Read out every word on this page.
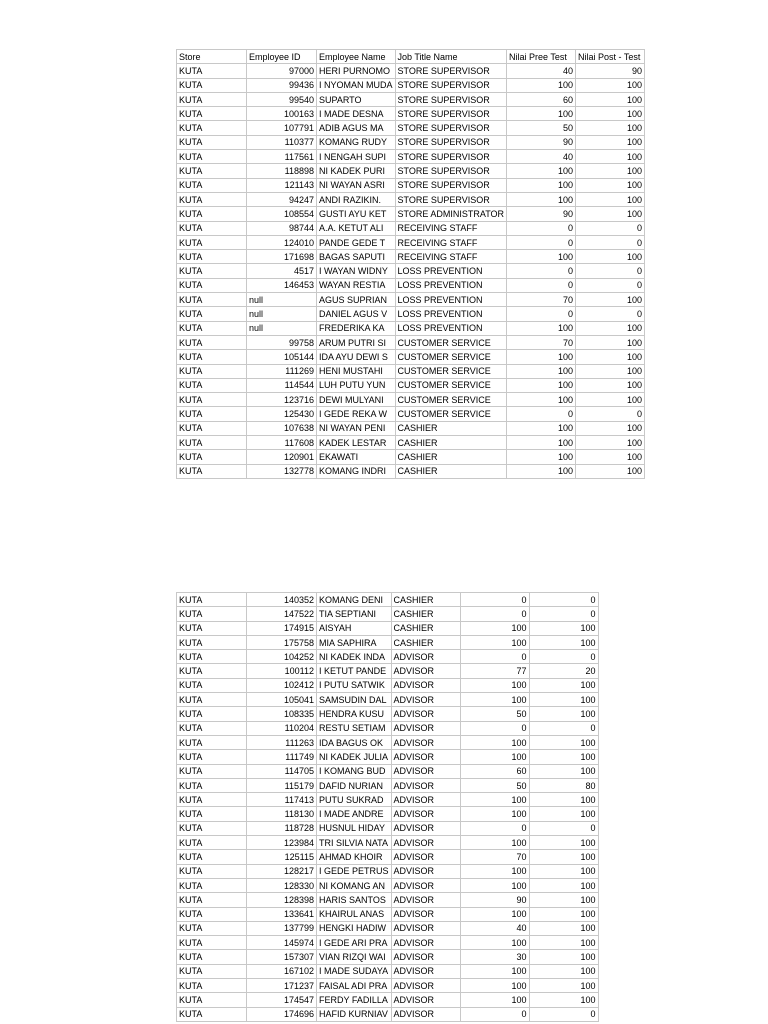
Store	Employee ID	Employee Name	Job Title Name	Nilai Pree Test	Nilai Post - Test
KUTA	97000	HERI PURNOMO	STORE SUPERVISOR	40	90
KUTA	99436	I NYOMAN MUDA	STORE SUPERVISOR	100	100
KUTA	99540	SUPARTO	STORE SUPERVISOR	60	100
KUTA	100163	I MADE DESNA	STORE SUPERVISOR	100	100
KUTA	107791	ADIB AGUS MA	STORE SUPERVISOR	50	100
KUTA	110377	KOMANG RUDY	STORE SUPERVISOR	90	100
KUTA	117561	I NENGAH SUPI	STORE SUPERVISOR	40	100
KUTA	118898	NI KADEK PURI	STORE SUPERVISOR	100	100
KUTA	121143	NI WAYAN ASRI	STORE SUPERVISOR	100	100
KUTA	94247	ANDI RAZIKIN.	STORE SUPERVISOR	100	100
KUTA	108554	GUSTI AYU KET	STORE ADMINISTRATOR	90	100
KUTA	98744	A.A. KETUT ALI	RECEIVING STAFF	0	0
KUTA	124010	PANDE GEDE T	RECEIVING STAFF	0	0
KUTA	171698	BAGAS SAPUTI	RECEIVING STAFF	100	100
KUTA	4517	I WAYAN WIDNY	LOSS PREVENTION	0	0
KUTA	146453	WAYAN RESTIA	LOSS PREVENTION	0	0
KUTA	null	AGUS SUPRIAN	LOSS PREVENTION	70	100
KUTA	null	DANIEL AGUS V	LOSS PREVENTION	0	0
KUTA	null	FREDERIKA KA	LOSS PREVENTION	100	100
KUTA	99758	ARUM PUTRI SI	CUSTOMER SERVICE	70	100
KUTA	105144	IDA AYU DEWI S	CUSTOMER SERVICE	100	100
KUTA	111269	HENI MUSTAHI	CUSTOMER SERVICE	100	100
KUTA	114544	LUH PUTU YUN	CUSTOMER SERVICE	100	100
KUTA	123716	DEWI MULYANI	CUSTOMER SERVICE	100	100
KUTA	125430	I GEDE REKA W	CUSTOMER SERVICE	0	0
KUTA	107638	NI WAYAN PENI	CASHIER	100	100
KUTA	117608	KADEK LESTAR	CASHIER	100	100
KUTA	120901	EKAWATI	CASHIER	100	100
KUTA	132778	KOMANG INDRI	CASHIER	100	100
KUTA	140352	KOMANG DENI	CASHIER	0	0
KUTA	147522	TIA SEPTIANI	CASHIER	0	0
KUTA	174915	AISYAH	CASHIER	100	100
KUTA	175758	MIA SAPHIRA	CASHIER	100	100
KUTA	104252	NI KADEK INDA	ADVISOR	0	0
KUTA	100112	I KETUT PANDE	ADVISOR	77	20
KUTA	102412	I PUTU SATWIK	ADVISOR	100	100
KUTA	105041	SAMSUDIN DAL	ADVISOR	100	100
KUTA	108335	HENDRA KUSU	ADVISOR	50	100
KUTA	110204	RESTU SETIAM	ADVISOR	0	0
KUTA	111263	IDA BAGUS OK	ADVISOR	100	100
KUTA	111749	NI KADEK JULIA	ADVISOR	100	100
KUTA	114705	I KOMANG BUD	ADVISOR	60	100
KUTA	115179	DAFID NURIAN	ADVISOR	50	80
KUTA	117413	PUTU SUKRAD	ADVISOR	100	100
KUTA	118130	I MADE ANDRE	ADVISOR	100	100
KUTA	118728	HUSNUL HIDAY	ADVISOR	0	0
KUTA	123984	TRI SILVIA NATA	ADVISOR	100	100
KUTA	125115	AHMAD KHOIR	ADVISOR	70	100
KUTA	128217	I GEDE PETRUS	ADVISOR	100	100
KUTA	128330	NI KOMANG AN	ADVISOR	100	100
KUTA	128398	HARIS SANTOS	ADVISOR	90	100
KUTA	133641	KHAIRUL ANAS	ADVISOR	100	100
KUTA	137799	HENGKI HADIW	ADVISOR	40	100
KUTA	145974	I GEDE ARI PRA	ADVISOR	100	100
KUTA	157307	VIAN RIZQI WAI	ADVISOR	30	100
KUTA	167102	I MADE SUDAYA	ADVISOR	100	100
KUTA	171237	FAISAL ADI PRA	ADVISOR	100	100
KUTA	174547	FERDY FADILLA	ADVISOR	100	100
KUTA	174696	HAFID KURNIAV	ADVISOR	0	0
